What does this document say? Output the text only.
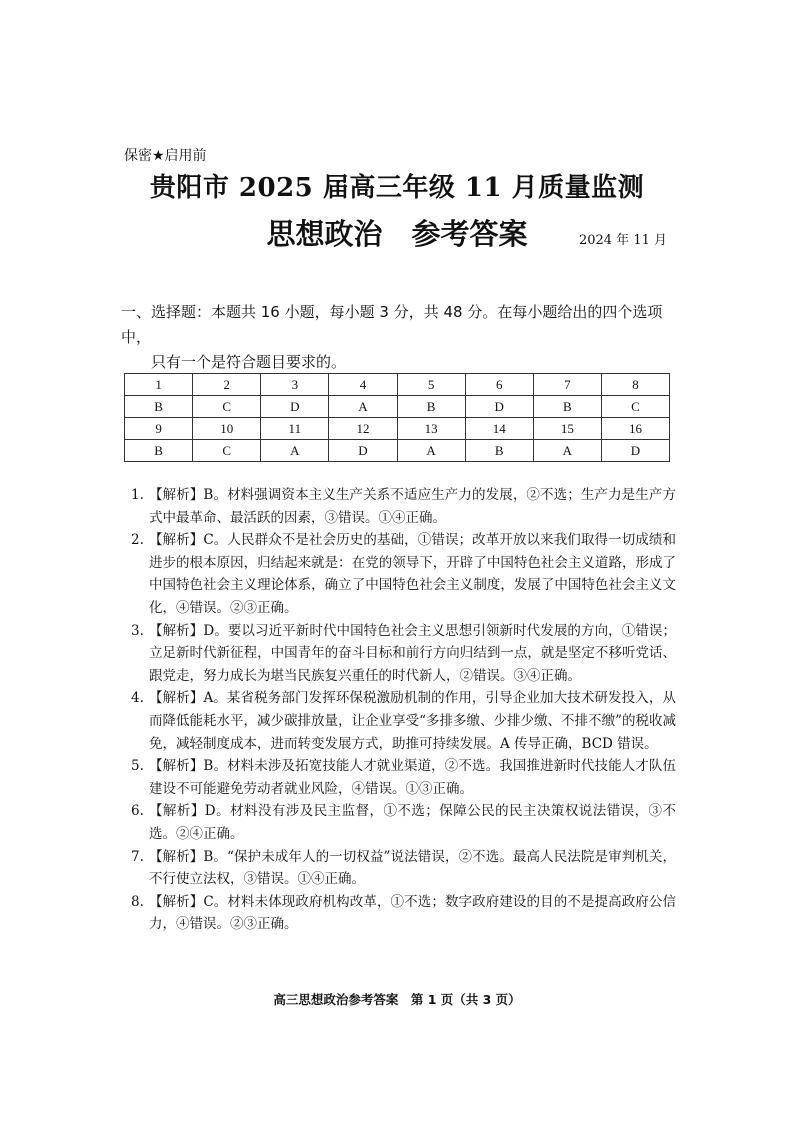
保密★启用前
贵阳市 2025 届高三年级 11 月质量监测
思想政治　参考答案	2024 年 11 月
一、选择题：本题共 16 小题，每小题 3 分，共 48 分。在每小题给出的四个选项中，
只有一个是符合题目要求的。
1	2	3	4	5	6	7	8
B	C	D	A	B	D	B	C
9	10	11	12	13	14	15	16
B	C	A	D	A	B	A	D
1. 【解析】B。材料强调资本主义生产关系不适应生产力的发展，②不选；生产力是生产方式中最革命、最活跃的因素，③错误。①④正确。
2. 【解析】C。人民群众不是社会历史的基础，①错误；改革开放以来我们取得一切成绩和进步的根本原因，归结起来就是：在党的领导下，开辟了中国特色社会主义道路，形成了中国特色社会主义理论体系，确立了中国特色社会主义制度，发展了中国特色社会主义文化，④错误。②③正确。
3. 【解析】D。要以习近平新时代中国特色社会主义思想引领新时代发展的方向，①错误；立足新时代新征程，中国青年的奋斗目标和前行方向归结到一点，就是坚定不移听党话、跟党走，努力成长为堪当民族复兴重任的时代新人，②错误。③④正确。
4. 【解析】A。某省税务部门发挥环保税激励机制的作用，引导企业加大技术研发投入，从而降低能耗水平，减少碳排放量，让企业享受“多排多缴、少排少缴、不排不缴”的税收减免，减轻制度成本，进而转变发展方式，助推可持续发展。A 传导正确，BCD 错误。
5. 【解析】B。材料未涉及拓宽技能人才就业渠道，②不选。我国推进新时代技能人才队伍建设不可能避免劳动者就业风险，④错误。①③正确。
6. 【解析】D。材料没有涉及民主监督，①不选；保障公民的民主决策权说法错误，③不选。②④正确。
7. 【解析】B。“保护未成年人的一切权益”说法错误，②不选。最高人民法院是审判机关，不行使立法权，③错误。①④正确。
8. 【解析】C。材料未体现政府机构改革，①不选；数字政府建设的目的不是提高政府公信力，④错误。②③正确。
高三思想政治参考答案　第 1 页（共 3 页）
